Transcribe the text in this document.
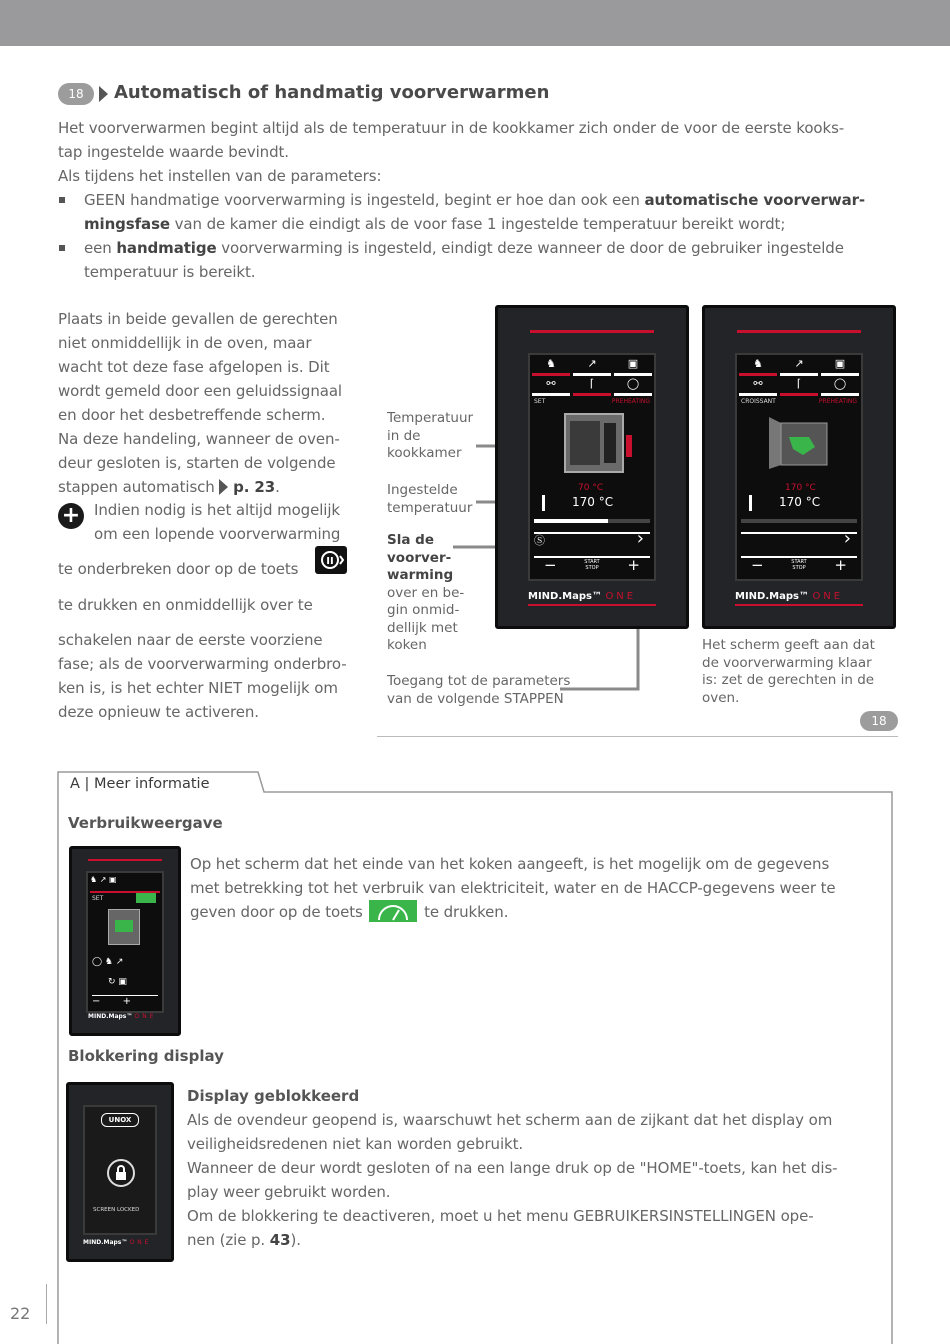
18	Automatisch of handmatig voorverwarmen
Het voorverwarmen begint altijd als de temperatuur in de kookkamer zich onder de voor de eerste kooks-
tap ingestelde waarde bevindt.
Als tijdens het instellen van de parameters:
GEEN handmatige voorverwarming is ingesteld, begint er hoe dan ook een automatische voorverwar-
mingsfase van de kamer die eindigt als de voor fase 1 ingestelde temperatuur bereikt wordt;
een handmatige voorverwarming is ingesteld, eindigt deze wanneer de door de gebruiker ingestelde
temperatuur is bereikt.
Plaats in beide gevallen de gerechten
niet onmiddellijk in de oven, maar
wacht tot deze fase afgelopen is. Dit
wordt gemeld door een geluidssignaal
en door het desbetreffende scherm.
Na deze handeling, wanneer de oven-
deur gesloten is, starten de volgende
stappen automatisch p. 23.
+ Indien nodig is het altijd mogelijk
om een lopende voorverwarming
te onderbreken door op de toets	II
te drukken en onmiddellijk over te
schakelen naar de eerste voorziene
fase; als de voorverwarming onderbro-
ken is, is het echter NIET mogelijk om
deze opnieuw te activeren.
Temperatuur
in de
kookkamer
Ingestelde
temperatuur
Sla de
voorver-
warming
over en be-
gin onmid-
dellijk met
koken
Toegang tot de parameters
van de volgende STAPPEN
Het scherm geeft aan dat
de voorverwarming klaar
is: zet de gerechten in de
oven.
♞	↗	▣
⚯	⌈	◯
SET	PREHEATING
70 °C
170 °C
Ⓢ	›
−	START STOP +
MIND.Maps™ ONE
♞	↗	▣
⚯	⌈	◯
CROISSANT	PREHEATING
170 °C
170 °C
›
−	START STOP +
MIND.Maps™ ONE
18
A | Meer informatie
Verbruikweergave
♞ ↗ ▣
SET
◯ ♞ ↗
↻ ▣
−       +
MIND.Maps™ ONE
Op het scherm dat het einde van het koken aangeeft, is het mogelijk om de gegevens
met betrekking tot het verbruik van elektriciteit, water en de HACCP-gegevens weer te
geven door op de toets	te drukken.
Blokkering display
UNOX
SCREEN LOCKED
MIND.Maps™ ONE
Display geblokkeerd
Als de ovendeur geopend is, waarschuwt het scherm aan de zijkant dat het display om
veiligheidsredenen niet kan worden gebruikt.
Wanneer de deur wordt gesloten of na een lange druk op de "HOME"-toets, kan het dis-
play weer gebruikt worden.
Om de blokkering te deactiveren, moet u het menu GEBRUIKERSINSTELLINGEN ope-
nen (zie p. 43).
22
